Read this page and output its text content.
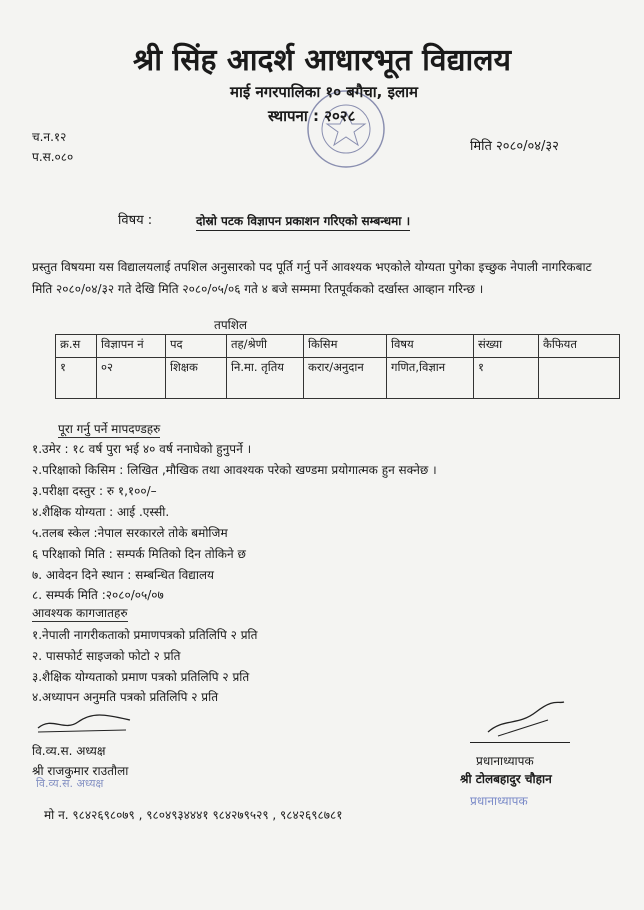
श्री सिंह आदर्श आधारभूत विद्यालय
माई नगरपालिका १० बगैचा, इलाम
स्थापना : २०२८
च.न.१२
प.स.०८०
मिति २०८०/०४/३२
विषय :	दोस्रो पटक विज्ञापन प्रकाशन गरिएको सम्बन्धमा ।
प्रस्तुत विषयमा यस विद्यालयलाई तपशिल अनुसारको पद पूर्ति गर्नु पर्ने आवश्यक भएकोले योग्यता पुगेका इच्छुक नेपाली नागरिकबाट मिति २०८०/०४/३२ गते देखि मिति २०८०/०५/०६ गते ४ बजे सम्ममा रितपूर्वकको दर्खास्त आव्हान गरिन्छ ।
तपशिल
क्र.स	विज्ञापन नं	पद	तह/श्रेणी	किसिम	विषय	संख्या	कैफियत
१	०२	शिक्षक	नि.मा. तृतिय	करार/अनुदान	गणित,विज्ञान	१	
पूरा गर्नु पर्ने मापदण्डहरु
१.उमेर : १८ वर्ष पुरा भई ४० वर्ष ननाघेको हुनुपर्ने ।
२.परिक्षाको किसिम : लिखित ,मौखिक तथा आवश्यक परेको खण्डमा प्रयोगात्मक हुन सक्नेछ ।
३.परीक्षा दस्तुर : रु १,१००/–
४.शैक्षिक योग्यता : आई .एस्सी.
५.तलब स्केल :नेपाल सरकारले तोके बमोजिम
६ परिक्षाको मिति : सम्पर्क मितिको दिन तोकिने छ
७. आवेदन दिने स्थान : सम्बन्धित विद्यालय
८. सम्पर्क मिति :२०८०/०५/०७
आवश्यक कागजातहरु
१.नेपाली नागरीकताको प्रमाणपत्रको प्रतिलिपि २ प्रति
२. पासफोर्ट साइजको फोटो २ प्रति
३.शैक्षिक योग्यताको प्रमाण पत्रको प्रतिलिपि २ प्रति
४.अध्यापन अनुमति पत्रको प्रतिलिपि २ प्रति
वि.व्य.स. अध्यक्ष
श्री राजकुमार राउतौला
वि.व्य.स. अध्यक्ष
प्रधानाध्यापक
श्री टोलबहादुर चौहान
प्रधानाध्यापक
मो न. ९८४२६९८०७९ , ९८०४९३४४४१ ९८४२७९५२९ , ९८४२६९८७८१
